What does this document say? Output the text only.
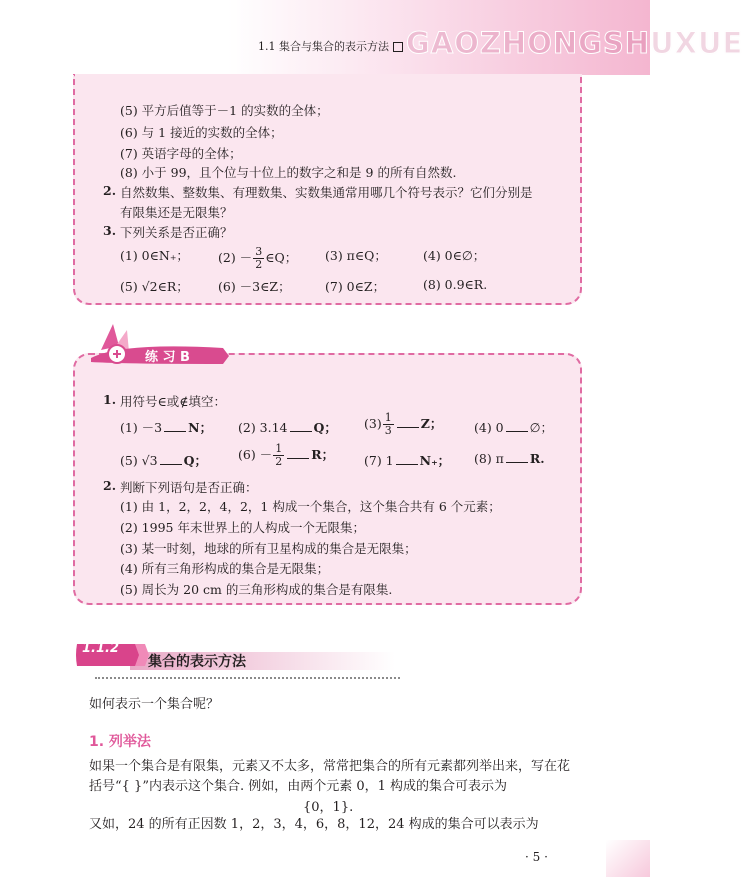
1.1 集合与集合的表示方法 GAOZHONGSHUXUE
(5) 平方后值等于－1 的实数的全体；
(6) 与 1 接近的实数的全体；
(7) 英语字母的全体；
(8) 小于 99，且个位与十位上的数字之和是 9 的所有自然数.
2. 自然数集、整数集、有理数集、实数集通常用哪几个符号表示？它们分别是
有限集还是无限集？
3. 下列关系是否正确？
(1) 0∈N₊； $(2) - \frac{3}{2}$ ∈Q； (3) π∈Q；	(4) 0∈∅；
(5) √2∈R； (6) －3∈Z；	(7) 0∈Z；	(8) 0.9∈R.
练 习 B
1. 用符号∈或∉填空：
(1) －3 N； (2) 3.14 Q； $(3) \frac{1}{3}$ Z；	(4) 0 ∅；
(5) √3 Q； $(6) - \frac{1}{2}$ R； (7) 1 N₊； (8) π R.
2. 判断下列语句是否正确：
(1) 由 1，2，2，4，2，1 构成一个集合，这个集合共有 6 个元素；
(2) 1995 年末世界上的人构成一个无限集；
(3) 某一时刻，地球的所有卫星构成的集合是无限集；
(4) 所有三角形构成的集合是无限集；
(5) 周长为 20 cm 的三角形构成的集合是有限集.
1.1.2
集合的表示方法
如何表示一个集合呢？
1. 列举法
如果一个集合是有限集，元素又不太多，常常把集合的所有元素都列举出来，写在花
括号“{ }”内表示这个集合. 例如，由两个元素 0，1 构成的集合可表示为
{0，1}.
又如，24 的所有正因数 1，2，3，4，6，8，12，24 构成的集合可以表示为
· 5 ·
